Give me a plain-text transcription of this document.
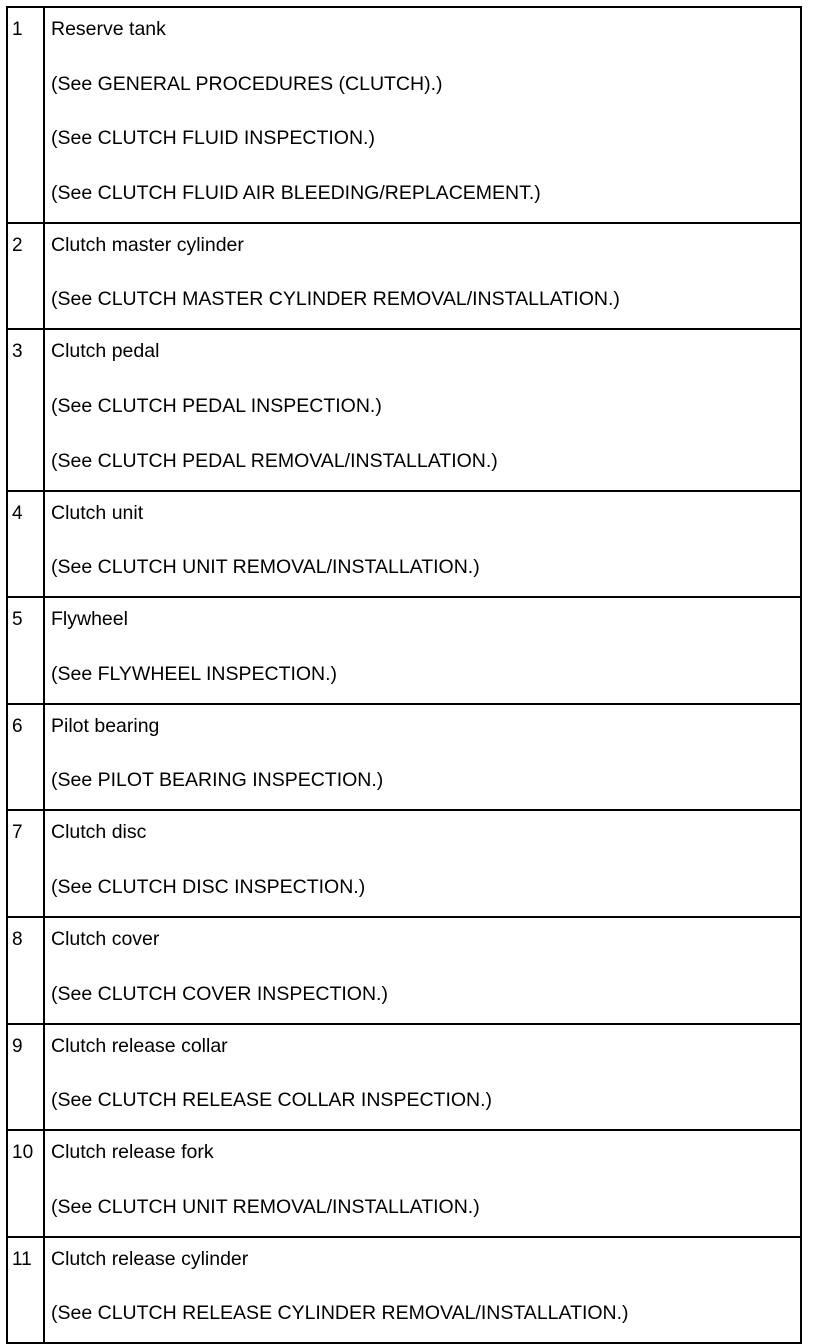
1	Reserve tank
(See GENERAL PROCEDURES (CLUTCH).)
(See CLUTCH FLUID INSPECTION.)
(See CLUTCH FLUID AIR BLEEDING/REPLACEMENT.)
2	Clutch master cylinder
(See CLUTCH MASTER CYLINDER REMOVAL/INSTALLATION.)
3	Clutch pedal
(See CLUTCH PEDAL INSPECTION.)
(See CLUTCH PEDAL REMOVAL/INSTALLATION.)
4	Clutch unit
(See CLUTCH UNIT REMOVAL/INSTALLATION.)
5	Flywheel
(See FLYWHEEL INSPECTION.)
6	Pilot bearing
(See PILOT BEARING INSPECTION.)
7	Clutch disc
(See CLUTCH DISC INSPECTION.)
8	Clutch cover
(See CLUTCH COVER INSPECTION.)
9	Clutch release collar
(See CLUTCH RELEASE COLLAR INSPECTION.)
10 Clutch release fork
(See CLUTCH UNIT REMOVAL/INSTALLATION.)
11 Clutch release cylinder
(See CLUTCH RELEASE CYLINDER REMOVAL/INSTALLATION.)
